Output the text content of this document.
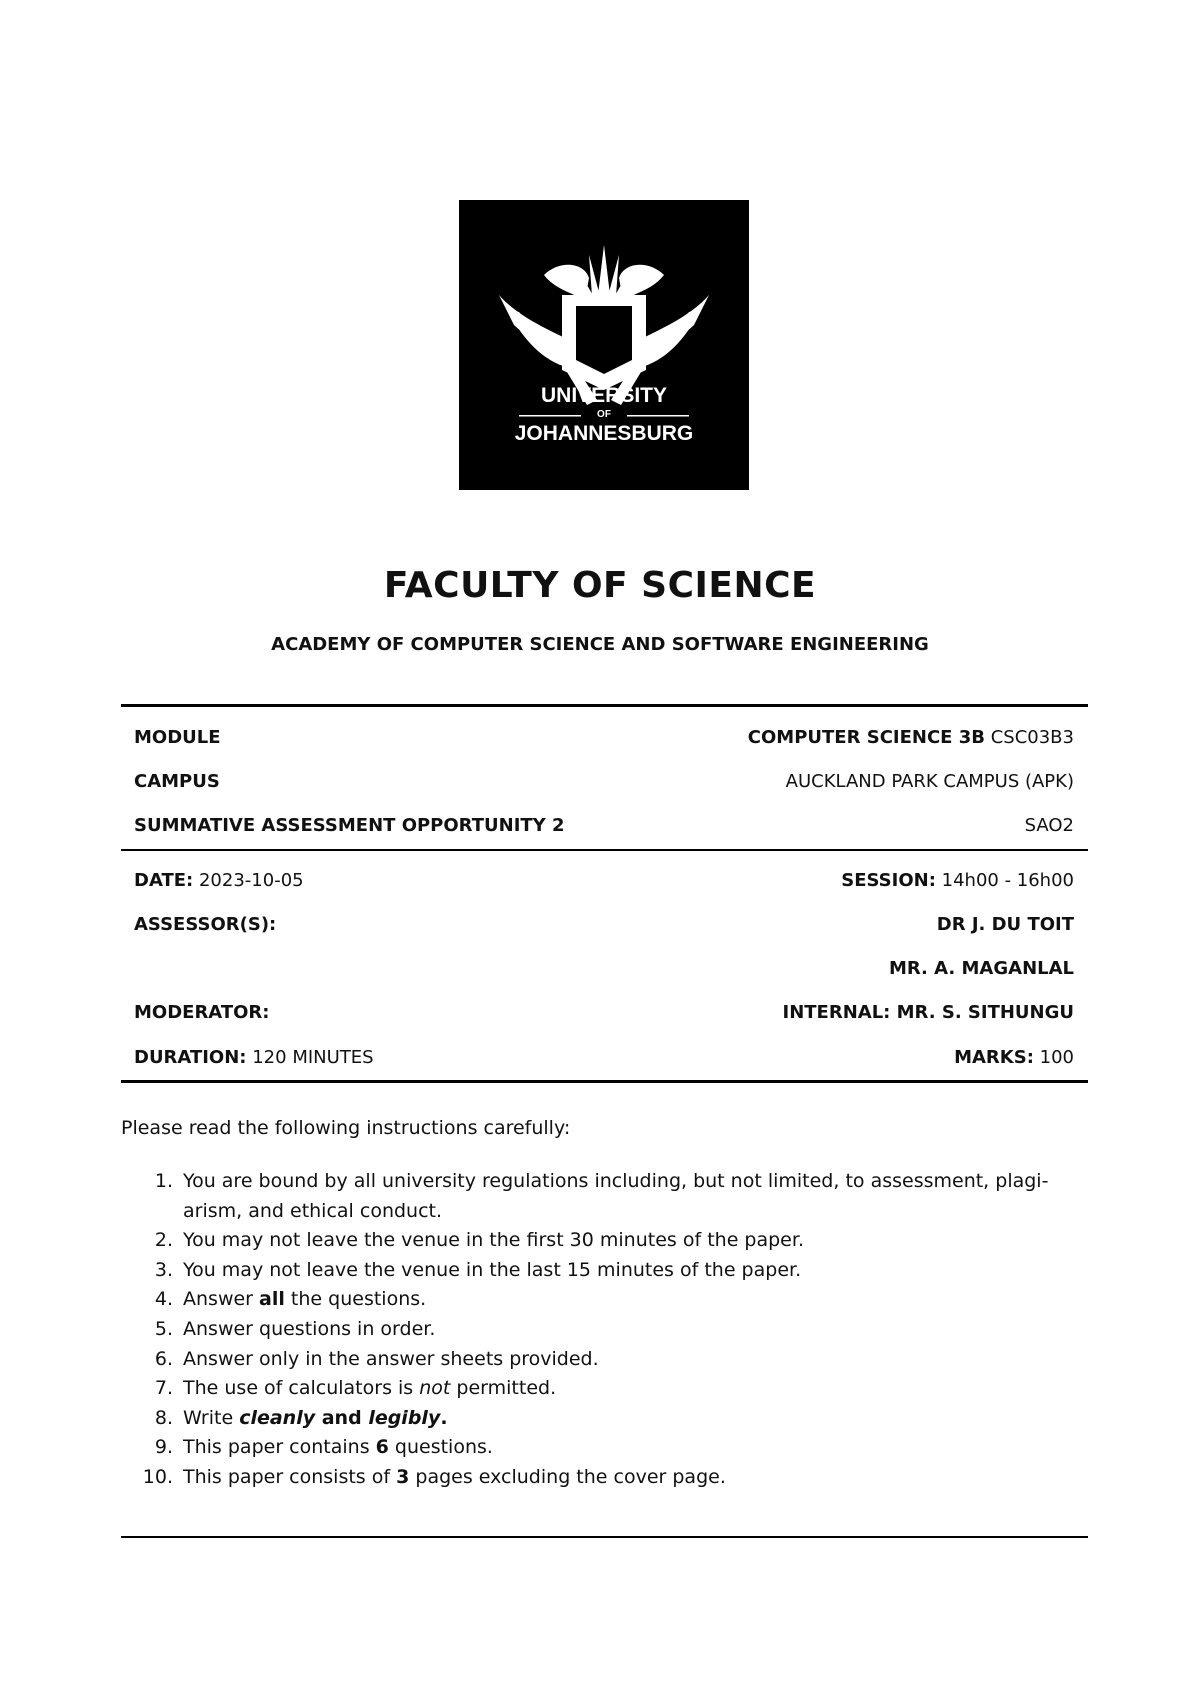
UNIVERSITY
OF
JOHANNESBURG
FACULTY OF SCIENCE
ACADEMY OF COMPUTER SCIENCE AND SOFTWARE ENGINEERING
MODULE	COMPUTER SCIENCE 3B CSC03B3
CAMPUS	AUCKLAND PARK CAMPUS (APK)
SUMMATIVE ASSESSMENT OPPORTUNITY 2	SAO2
DATE: 2023-10-05	SESSION: 14h00 - 16h00
ASSESSOR(S):	DR J. DU TOIT
MR. A. MAGANLAL
MODERATOR:	INTERNAL: MR. S. SITHUNGU
DURATION: 120 MINUTES	MARKS: 100
Please read the following instructions carefully:
1. You are bound by all university regulations including, but not limited, to assessment, plagi-
arism, and ethical conduct.
2. You may not leave the venue in the first 30 minutes of the paper.
3. You may not leave the venue in the last 15 minutes of the paper.
4. Answer all the questions.
5. Answer questions in order.
6. Answer only in the answer sheets provided.
7. The use of calculators is not permitted.
8. Write cleanly and legibly.
9. This paper contains 6 questions.
10. This paper consists of 3 pages excluding the cover page.
